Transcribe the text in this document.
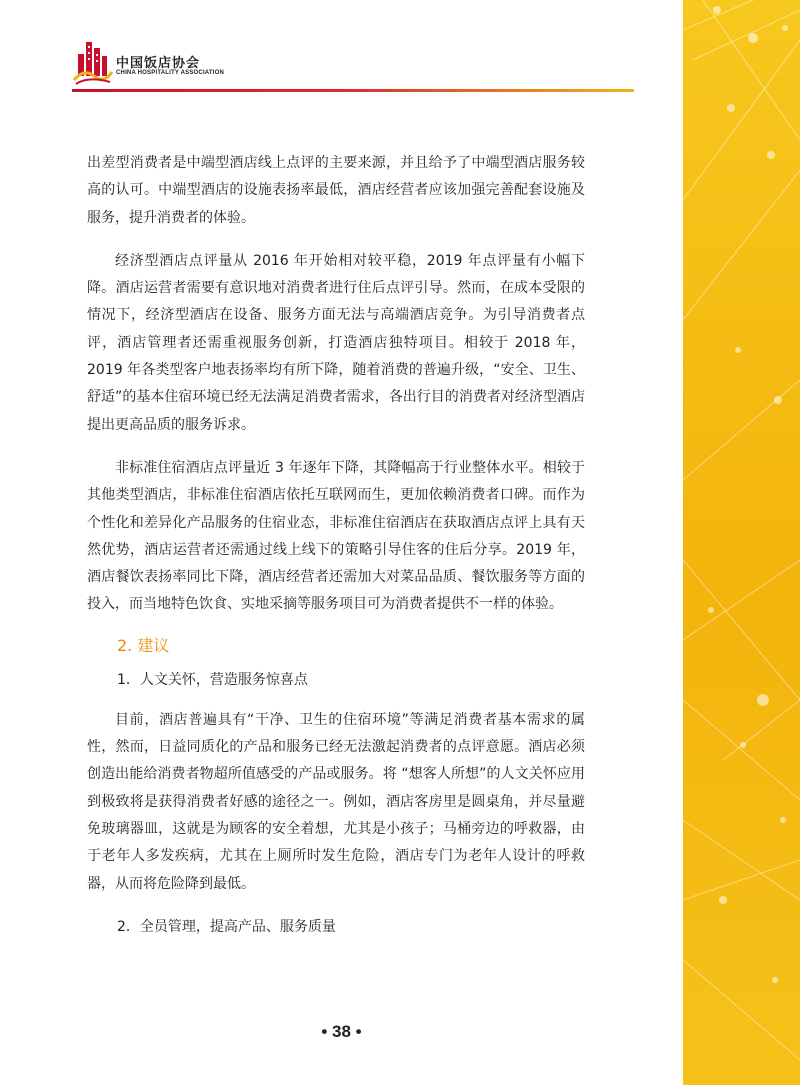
中国饭店协会
CHINA HOSPITALITY ASSOCIATION

出差型消费者是中端型酒店线上点评的主要来源，并且给予了中端型酒店服务较高的认可。中端型酒店的设施表扬率最低，酒店经营者应该加强完善配套设施及服务，提升消费者的体验。

经济型酒店点评量从 2016 年开始相对较平稳，2019 年点评量有小幅下降。酒店运营者需要有意识地对消费者进行住后点评引导。然而，在成本受限的情况下，经济型酒店在设备、服务方面无法与高端酒店竞争。为引导消费者点评，酒店管理者还需重视服务创新，打造酒店独特项目。相较于 2018 年，2019 年各类型客户地表扬率均有所下降，随着消费的普遍升级，“安全、卫生、舒适”的基本住宿环境已经无法满足消费者需求，各出行目的消费者对经济型酒店提出更高品质的服务诉求。

非标准住宿酒店点评量近 3 年逐年下降，其降幅高于行业整体水平。相较于其他类型酒店，非标准住宿酒店依托互联网而生，更加依赖消费者口碑。而作为个性化和差异化产品服务的住宿业态，非标准住宿酒店在获取酒店点评上具有天然优势，酒店运营者还需通过线上线下的策略引导住客的住后分享。2019 年，酒店餐饮表扬率同比下降，酒店经营者还需加大对菜品品质、餐饮服务等方面的投入，而当地特色饮食、实地采摘等服务项目可为消费者提供不一样的体验。

2. 建议
1．人文关怀，营造服务惊喜点

目前，酒店普遍具有“干净、卫生的住宿环境”等满足消费者基本需求的属性，然而，日益同质化的产品和服务已经无法激起消费者的点评意愿。酒店必须创造出能给消费者物超所值感受的产品或服务。将 “想客人所想”的人文关怀应用到极致将是获得消费者好感的途径之一。例如，酒店客房里是圆桌角，并尽量避免玻璃器皿，这就是为顾客的安全着想，尤其是小孩子；马桶旁边的呼救器，由于老年人多发疾病，尤其在上厕所时发生危险，酒店专门为老年人设计的呼救器，从而将危险降到最低。

2．全员管理，提高产品、服务质量
• 38 •
